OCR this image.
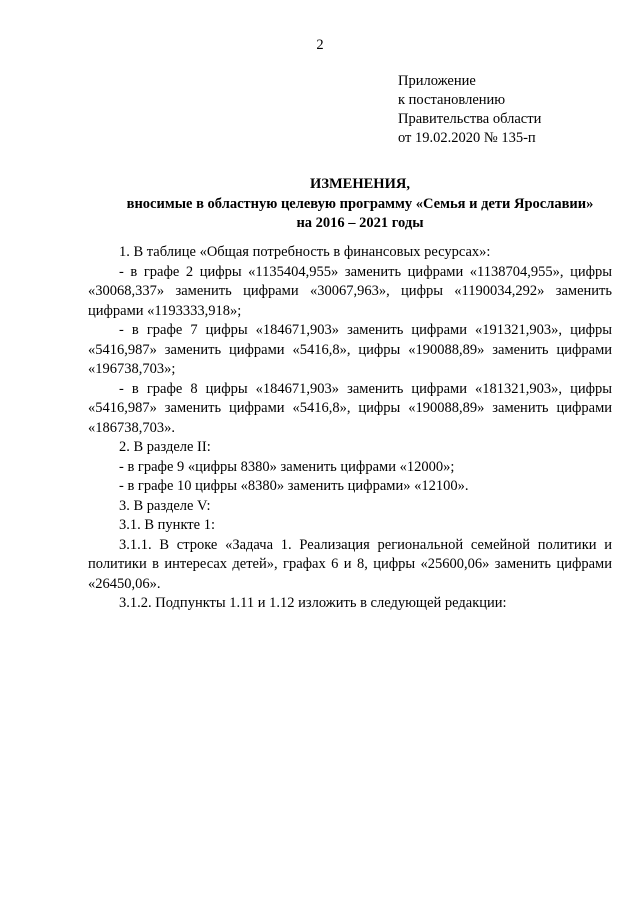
2
Приложение
к постановлению
Правительства области
от 19.02.2020 № 135-п
ИЗМЕНЕНИЯ,
вносимые в областную целевую программу «Семья и дети Ярославии»
на 2016 – 2021 годы

1. В таблице «Общая потребность в финансовых ресурсах»:

- в графе 2 цифры «1135404,955» заменить цифрами «1138704,955», цифры «30068,337» заменить цифрами «30067,963», цифры «1190034,292» заменить цифрами «1193333,918»;

- в графе 7 цифры «184671,903» заменить цифрами «191321,903», цифры «5416,987» заменить цифрами «5416,8», цифры «190088,89» заменить цифрами «196738,703»;

- в графе 8 цифры «184671,903» заменить цифрами «181321,903», цифры «5416,987» заменить цифрами «5416,8», цифры «190088,89» заменить цифрами «186738,703».

2. В разделе II:

- в графе 9 «цифры 8380» заменить цифрами «12000»;

- в графе 10 цифры «8380» заменить цифрами» «12100».

3. В разделе V:

3.1. В пункте 1:

3.1.1. В строке «Задача 1. Реализация региональной семейной политики и политики в интересах детей», графах 6 и 8, цифры «25600,06» заменить цифрами «26450,06».

3.1.2. Подпункты 1.11 и 1.12 изложить в следующей редакции:
